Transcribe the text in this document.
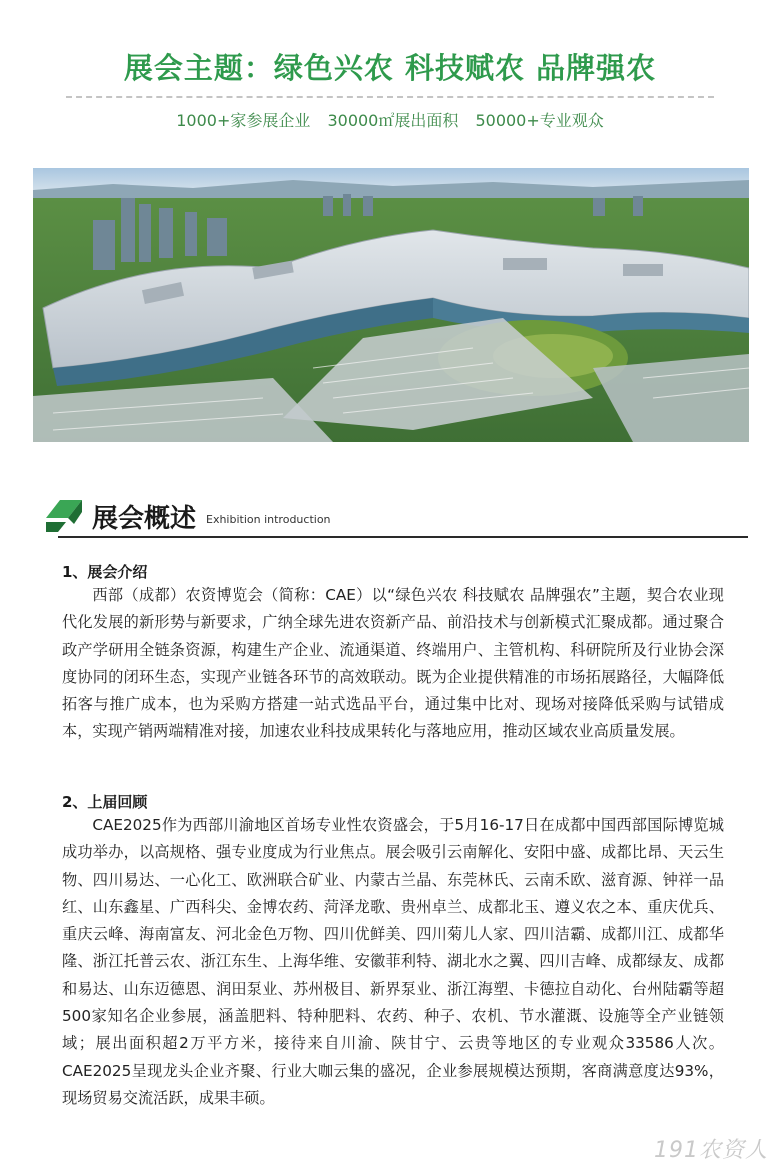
展会主题：绿色兴农 科技赋农 品牌强农
1000+家参展企业 30000㎡展出面积 50000+专业观众
展会概述 Exhibition introduction
1、展会介绍

西部（成都）农资博览会（简称：CAE）以“绿色兴农 科技赋农 品牌强农”主题，契合农业现代化发展的新形势与新要求，广纳全球先进农资新产品、前沿技术与创新模式汇聚成都。通过聚合政产学研用全链条资源，构建生产企业、流通渠道、终端用户、主管机构、科研院所及行业协会深度协同的闭环生态，实现产业链各环节的高效联动。既为企业提供精准的市场拓展路径，大幅降低拓客与推广成本，也为采购方搭建一站式选品平台，通过集中比对、现场对接降低采购与试错成本，实现产销两端精准对接，加速农业科技成果转化与落地应用，推动区域农业高质量发展。

2、上届回顾

CAE2025作为西部川渝地区首场专业性农资盛会，于5月16-17日在成都中国西部国际博览城成功举办，以高规格、强专业度成为行业焦点。展会吸引云南解化、安阳中盛、成都比昂、天云生物、四川易达、一心化工、欧洲联合矿业、内蒙古兰晶、东莞林氏、云南禾欧、滋育源、钟祥一品红、山东鑫星、广西科尖、金博农药、菏泽龙歌、贵州卓兰、成都北玉、遵义农之本、重庆优兵、重庆云峰、海南富友、河北金色万物、四川优鲜美、四川菊儿人家、四川洁霸、成都川江、成都华隆、浙江托普云农、浙江东生、上海华维、安徽菲利特、湖北水之翼、四川吉峰、成都绿友、成都和易达、山东迈德恩、润田泵业、苏州极目、新界泵业、浙江海塑、卡德拉自动化、台州陆霸等超500家知名企业参展，涵盖肥料、特种肥料、农药、种子、农机、节水灌溉、设施等全产业链领域；展出面积超2万平方米，接待来自川渝、陕甘宁、云贵等地区的专业观众33586人次。CAE2025呈现龙头企业齐聚、行业大咖云集的盛况，企业参展规模达预期，客商满意度达93%，现场贸易交流活跃，成果丰硕。

191农资人
